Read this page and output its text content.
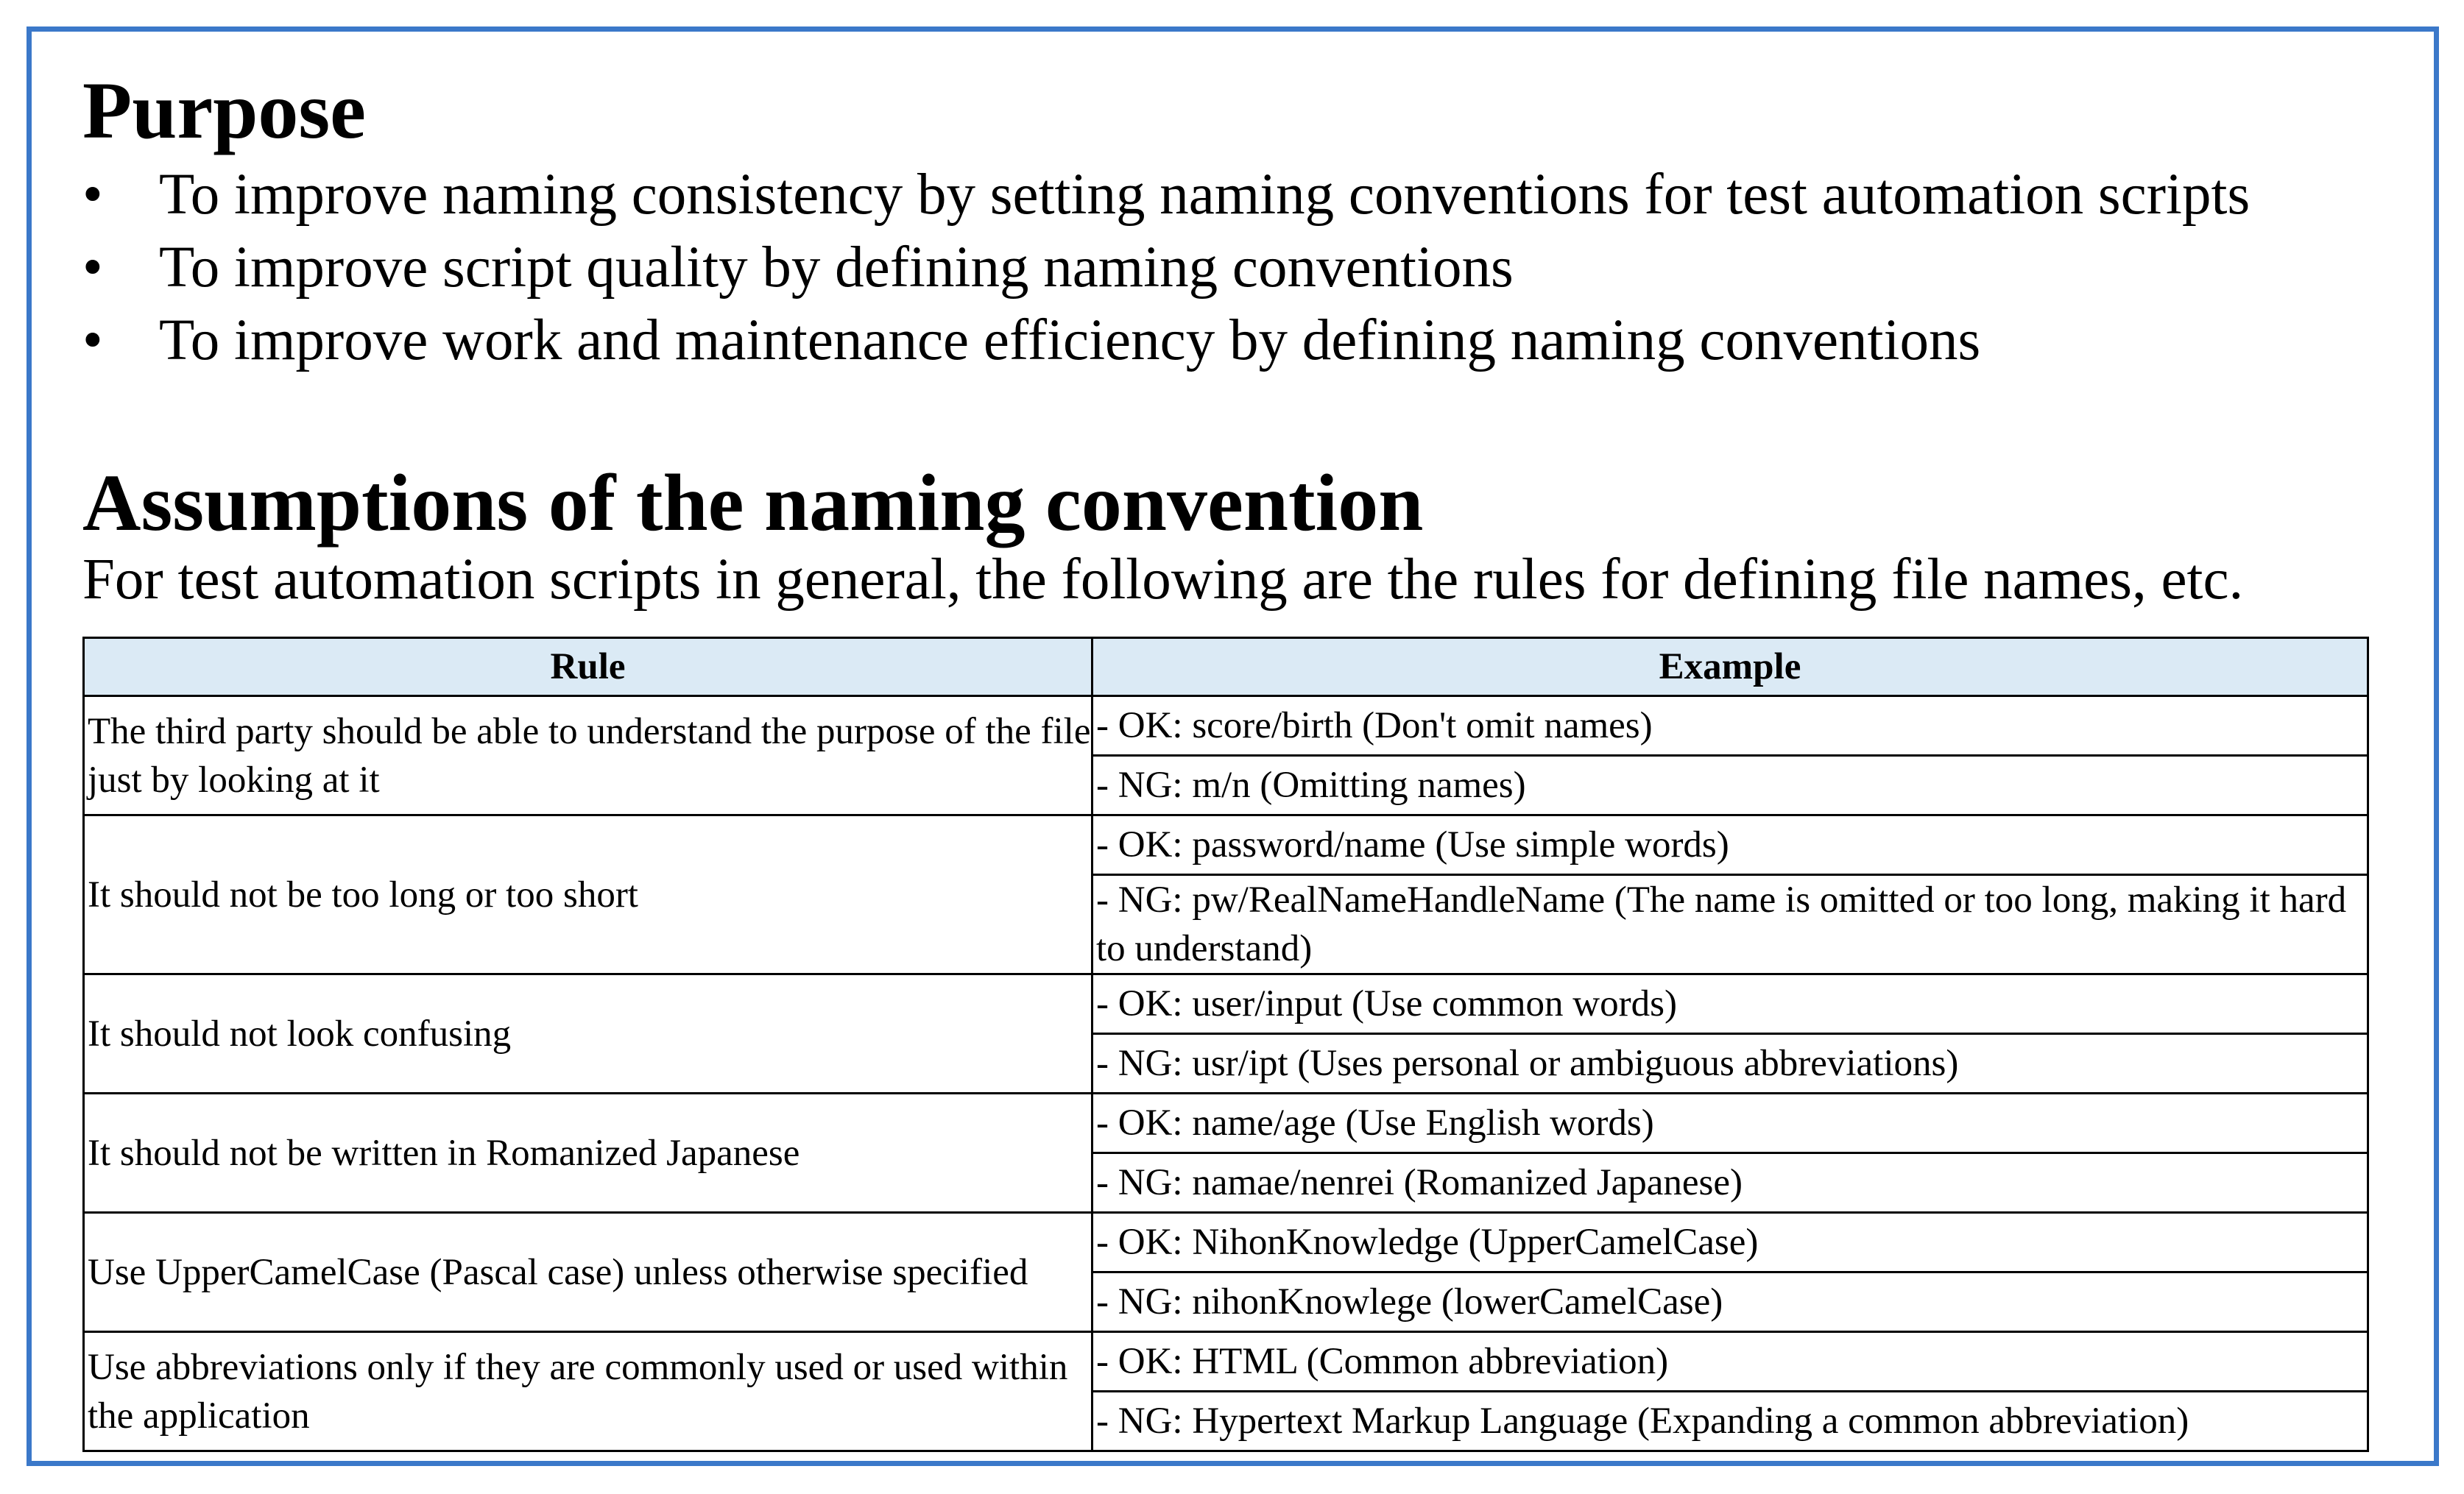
Purpose
• To improve naming consistency by setting naming conventions for test automation scripts
• To improve script quality by defining naming conventions
• To improve work and maintenance efficiency by defining naming conventions
Assumptions of the naming convention
For test automation scripts in general, the following are the rules for defining file names, etc.
Rule	Example
The third party should be able to understand the purpose of the file just by looking at it	- OK: score/birth (Don't omit names)
	- NG: m/n (Omitting names)
It should not be too long or too short	- OK: password/name (Use simple words)
	- NG: pw/RealNameHandleName (The name is omitted or too long, making it hard to understand)
It should not look confusing	- OK: user/input (Use common words)
	- NG: usr/ipt (Uses personal or ambiguous abbreviations)
It should not be written in Romanized Japanese	- OK: name/age (Use English words)
	- NG: namae/nenrei (Romanized Japanese)
Use UpperCamelCase (Pascal case) unless otherwise specified	- OK: NihonKnowledge (UpperCamelCase)
	- NG: nihonKnowlege (lowerCamelCase)
Use abbreviations only if they are commonly used or used within the application	- OK: HTML (Common abbreviation)
	- NG: Hypertext Markup Language (Expanding a common abbreviation)
